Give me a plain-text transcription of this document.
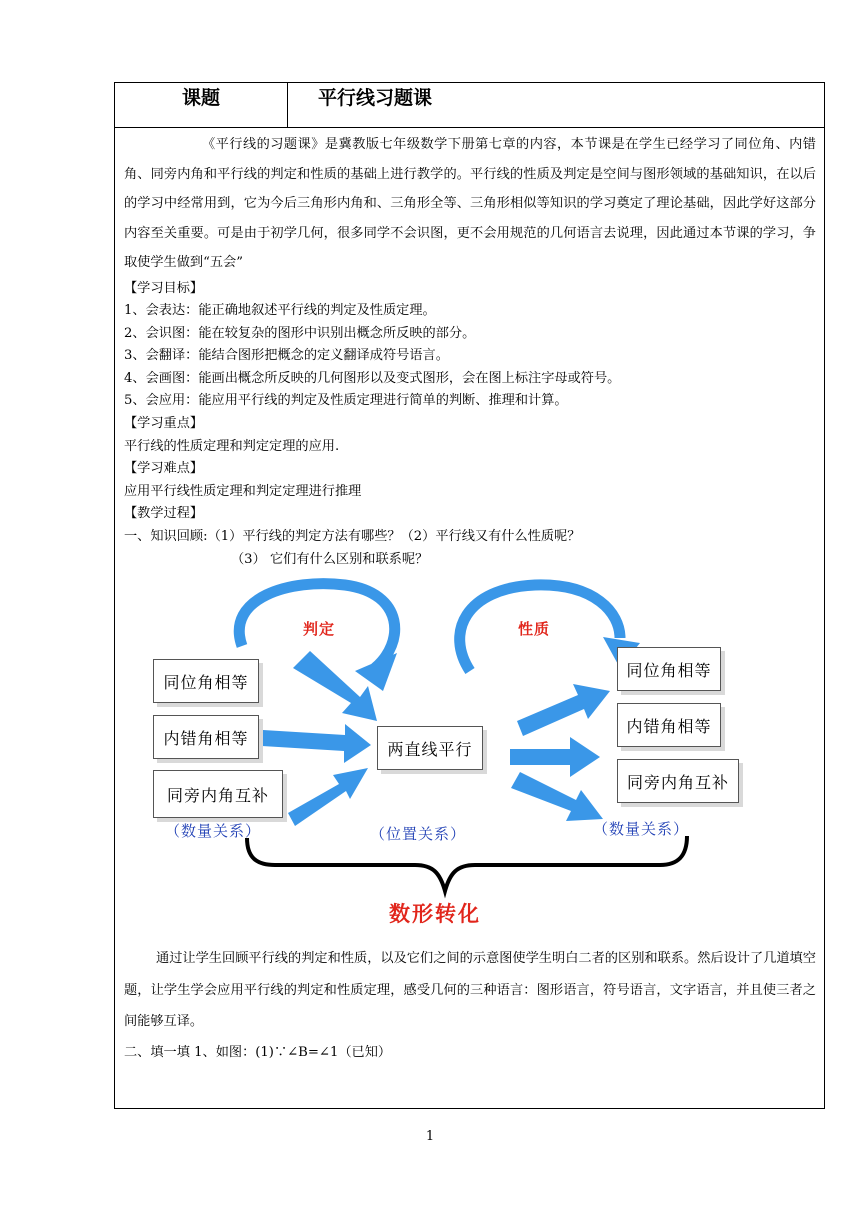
课题	平行线习题课

《平行线的习题课》是冀教版七年级数学下册第七章的内容，本节课是在学生已经学习了同位角、内错角、同旁内角和平行线的判定和性质的基础上进行教学的。平行线的性质及判定是空间与图形领域的基础知识，在以后的学习中经常用到，它为今后三角形内角和、三角形全等、三角形相似等知识的学习奠定了理论基础，因此学好这部分内容至关重要。可是由于初学几何，很多同学不会识图，更不会用规范的几何语言去说理，因此通过本节课的学习，争取使学生做到“五会”

【学习目标】
1、会表达：能正确地叙述平行线的判定及性质定理。
2、会识图：能在较复杂的图形中识别出概念所反映的部分。
3、会翻译：能结合图形把概念的定义翻译成符号语言。
4、会画图：能画出概念所反映的几何图形以及变式图形，会在图上标注字母或符号。
5、会应用：能应用平行线的判定及性质定理进行简单的判断、推理和计算。
【学习重点】
平行线的性质定理和判定定理的应用.
【学习难点】
应用平行线性质定理和判定定理进行推理
【教学过程】
一、知识回顾:（1）平行线的判定方法有哪些？（2）平行线又有什么性质呢？
（3） 它们有什么区别和联系呢？
同位角相等
内错角相等
同旁内角互补
两直线平行
同位角相等
内错角相等
同旁内角互补
判定	性质
（数量关系）	（位置关系）	（数量关系）
数形转化

通过让学生回顾平行线的判定和性质，以及它们之间的示意图使学生明白二者的区别和联系。然后设计了几道填空题，让学生学会应用平行线的判定和性质定理，感受几何的三种语言：图形语言，符号语言，文字语言，并且使三者之间能够互译。

二、填一填 1、如图：(1)∵∠B=∠1（已知）
1
